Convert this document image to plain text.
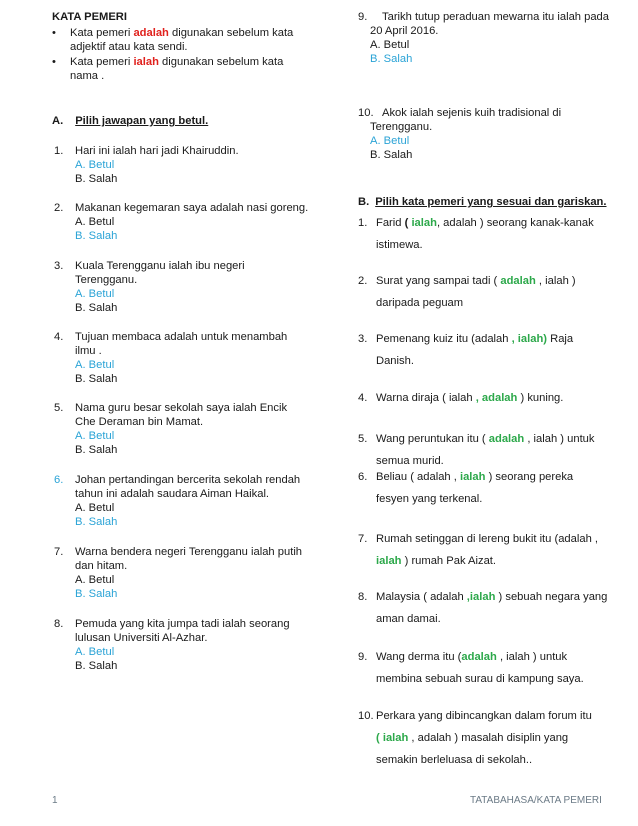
KATA PEMERI
• Kata pemeri adalah digunakan sebelum kata
adjektif atau kata sendi.
• Kata pemeri ialah digunakan sebelum kata
nama .
A. Pilih jawapan yang betul.
1. Hari ini ialah hari jadi Khairuddin.
A. Betul
B. Salah
2. Makanan kegemaran saya adalah nasi goreng.
A. Betul
B. Salah
3. Kuala Terengganu ialah ibu negeri
Terengganu.
A. Betul
B. Salah
4. Tujuan membaca adalah untuk menambah
ilmu .
A. Betul
B. Salah
5. Nama guru besar sekolah saya ialah Encik
Che Deraman bin Mamat.
A. Betul
B. Salah
6. Johan pertandingan bercerita sekolah rendah
tahun ini adalah saudara Aiman Haikal.
A. Betul
B. Salah
7. Warna bendera negeri Terengganu ialah putih
dan hitam.
A. Betul
B. Salah
8. Pemuda yang kita jumpa tadi ialah seorang
lulusan Universiti Al-Azhar.
A. Betul
B. Salah
9. Tarikh tutup peraduan mewarna itu ialah pada
20 April 2016.
A. Betul
B. Salah
10. Akok ialah sejenis kuih tradisional di
Terengganu.
A. Betul
B. Salah
B. Pilih kata pemeri yang sesuai dan gariskan.
1. Farid ( ialah, adalah ) seorang kanak-kanak
istimewa.
2. Surat yang sampai tadi ( adalah , ialah )
daripada peguam
3. Pemenang kuiz itu (adalah , ialah) Raja
Danish.
4. Warna diraja ( ialah , adalah ) kuning.
5. Wang peruntukan itu ( adalah , ialah ) untuk
semua murid.
6. Beliau ( adalah , ialah ) seorang pereka
fesyen yang terkenal.
7. Rumah setinggan di lereng bukit itu (adalah ,
ialah ) rumah Pak Aizat.
8. Malaysia ( adalah ,ialah ) sebuah negara yang
aman damai.
9. Wang derma itu (adalah , ialah ) untuk
membina sebuah surau di kampung saya.
10. Perkara yang dibincangkan dalam forum itu
( ialah , adalah ) masalah disiplin yang
semakin berleluasa di sekolah..
1	TATABAHASA/KATA PEMERI
